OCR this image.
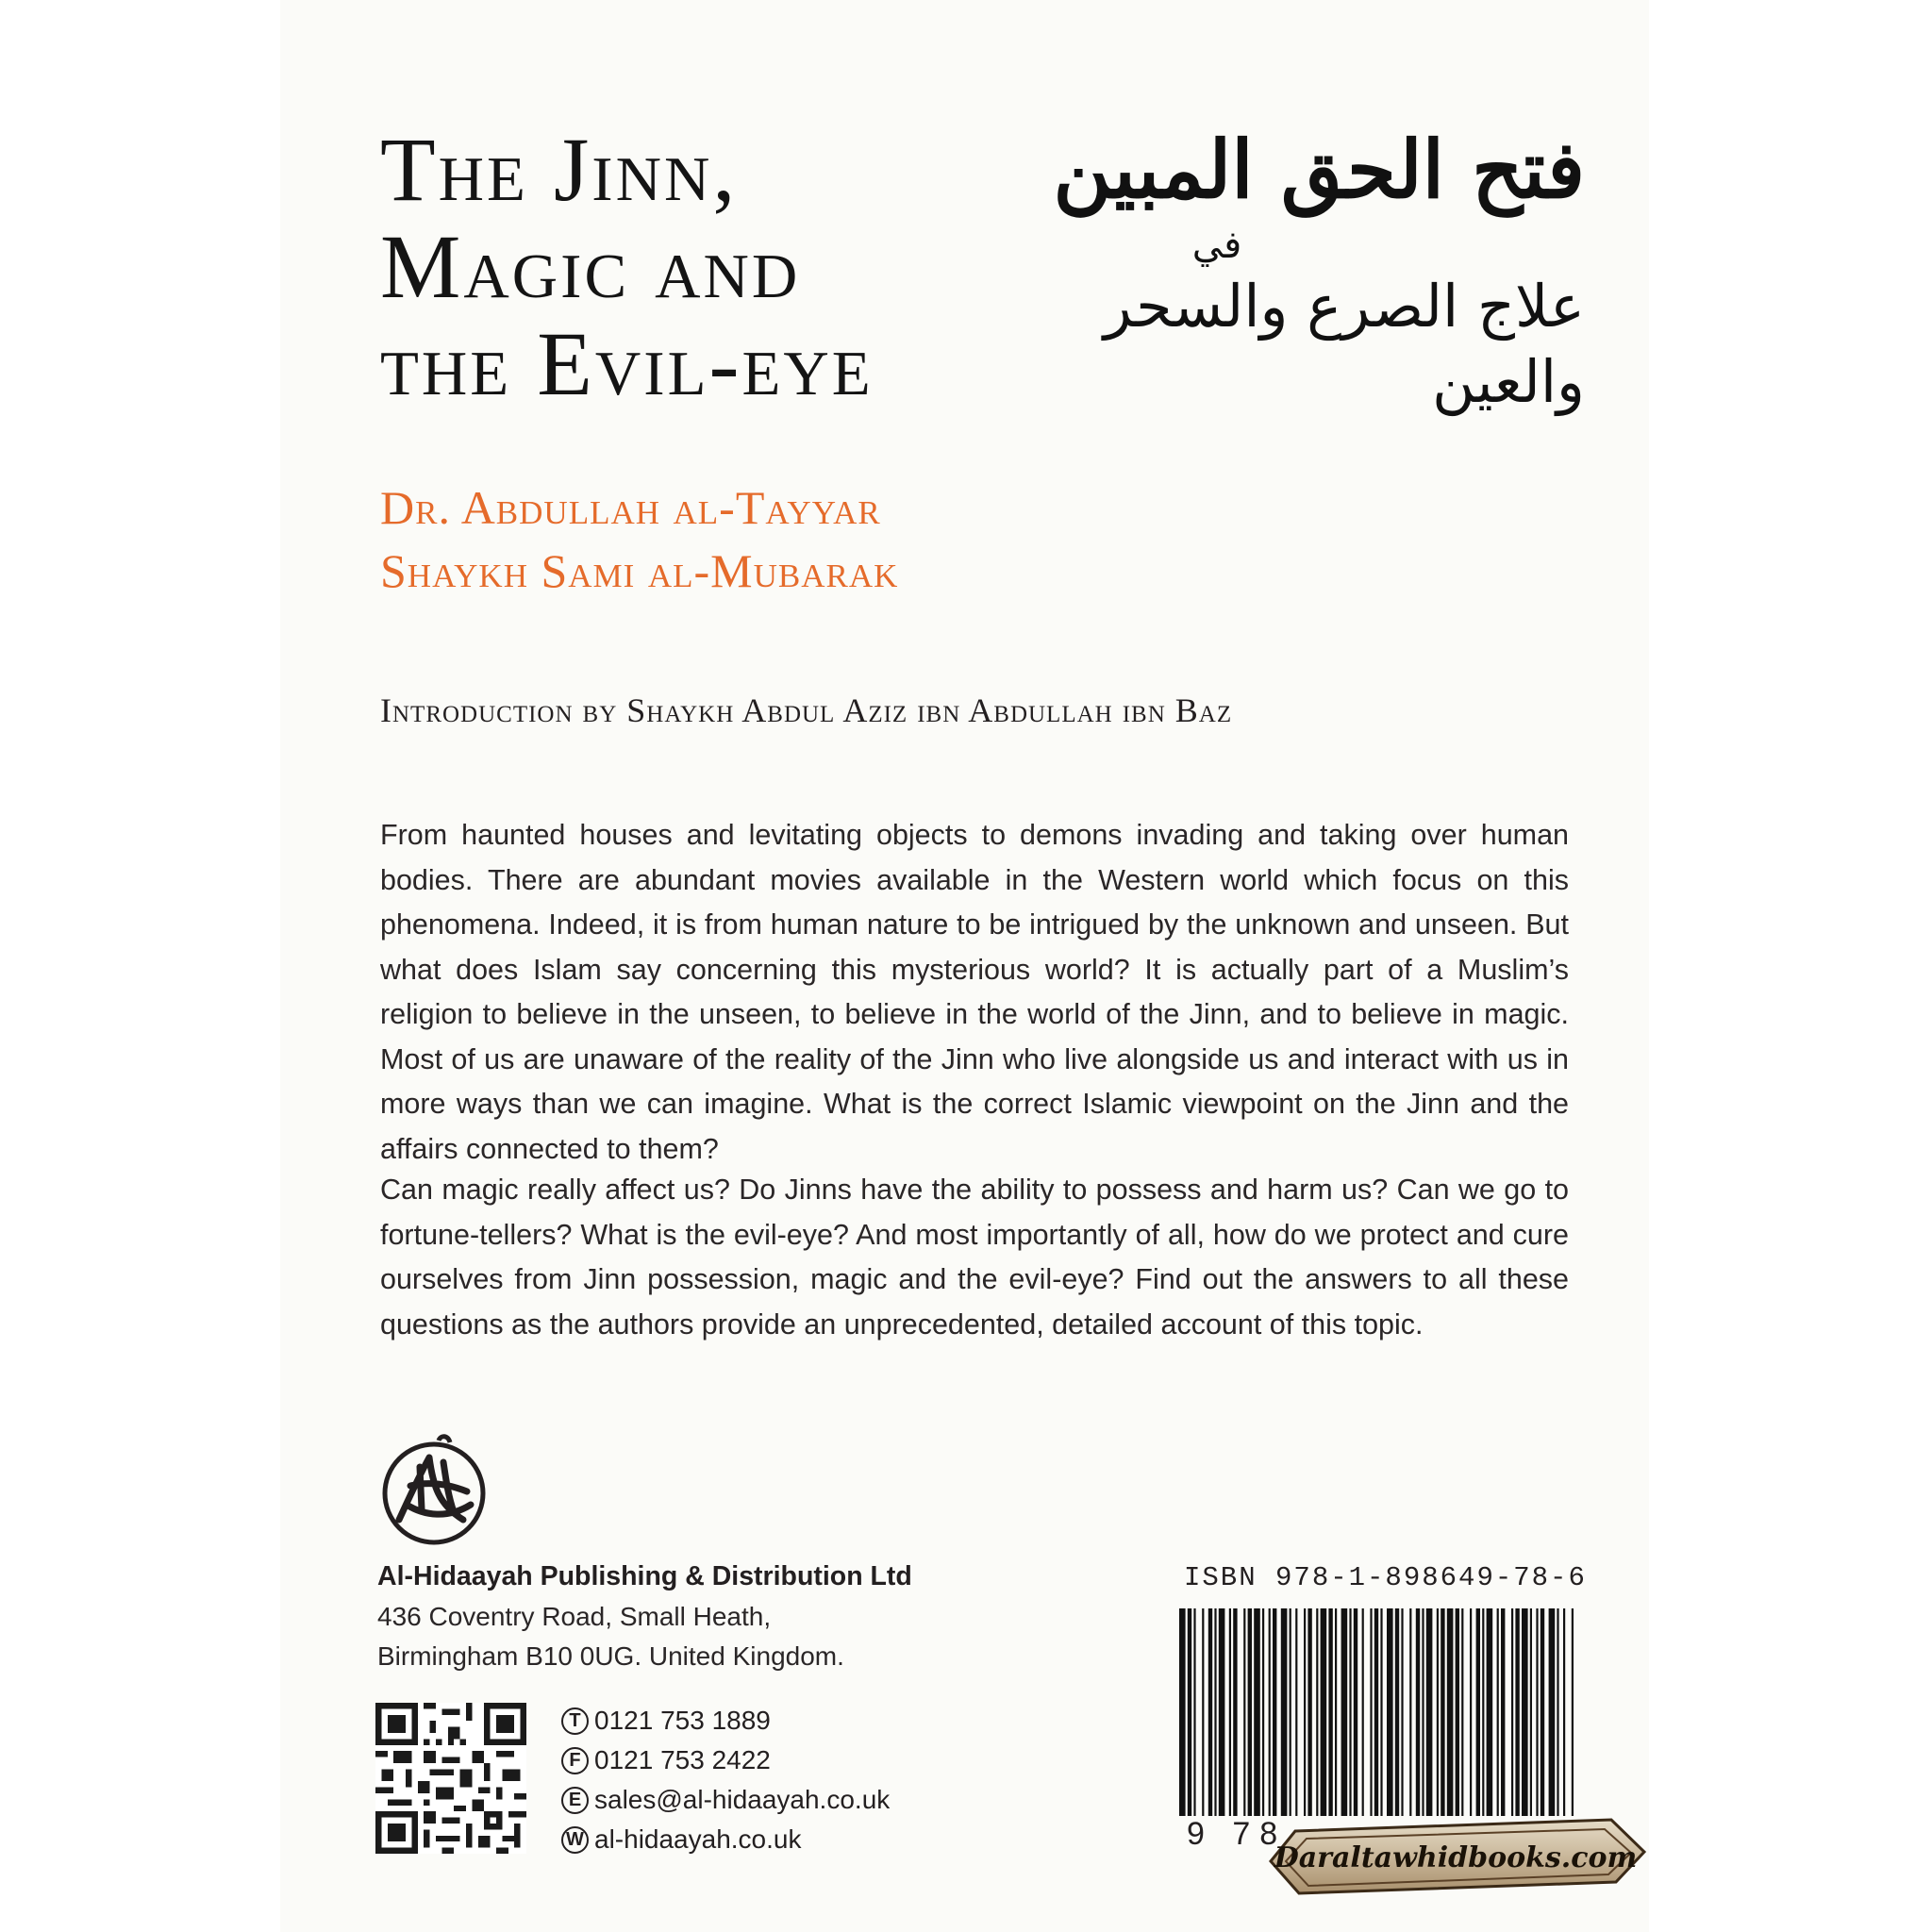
The Jinn,
Magic and
the Evil-eye
فتح الحق المبين
في
علاج الصرع والسحر والعين
Dr. Abdullah al-Tayyar
Shaykh Sami al-Mubarak
Introduction by Shaykh Abdul Aziz ibn Abdullah ibn Baz

From haunted houses and levitating objects to demons invading and taking over human bodies. There are abundant movies available in the Western world which focus on this phenomena. Indeed, it is from human nature to be intrigued by the unknown and unseen. But what does Islam say concerning this mysterious world? It is actually part of a Muslim’s religion to believe in the unseen, to believe in the world of the Jinn, and to believe in magic. Most of us are unaware of the reality of the Jinn who live alongside us and interact with us in more ways than we can imagine. What is the correct Islamic viewpoint on the Jinn and the affairs connected to them?

Can magic really affect us? Do Jinns have the ability to possess and harm us? Can we go to fortune-tellers? What is the evil-eye? And most importantly of all, how do we protect and cure ourselves from Jinn possession, magic and the evil-eye? Find out the answers to all these questions as the authors provide an unprecedented, detailed account of this topic.

Al-Hidaayah Publishing & Distribution Ltd
436 Coventry Road, Small Heath,
Birmingham B10 0UG. United Kingdom.
T 0121 753 1889
F 0121 753 2422
E sales@al-hidaayah.co.uk
W al-hidaayah.co.uk
ISBN 978-1-898649-78-6
9 78
Daraltawhidbooks.com
